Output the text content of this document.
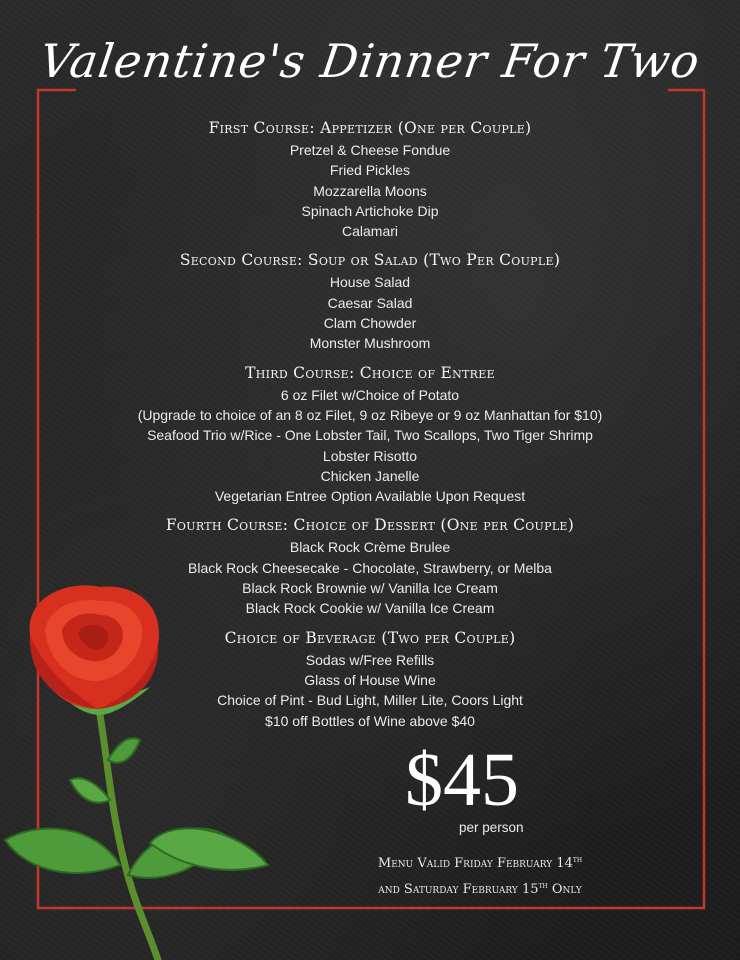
Valentine's Dinner For Two
First Course: Appetizer (One per Couple)
Pretzel & Cheese Fondue
Fried Pickles
Mozzarella Moons
Spinach Artichoke Dip
Calamari
Second Course: Soup or Salad (Two Per Couple)
House Salad
Caesar Salad
Clam Chowder
Monster Mushroom
Third Course: Choice of Entree
6 oz Filet w/Choice of Potato
(Upgrade to choice of an 8 oz Filet, 9 oz Ribeye or 9 oz Manhattan for $10)
Seafood Trio w/Rice - One Lobster Tail, Two Scallops, Two Tiger Shrimp
Lobster Risotto
Chicken Janelle
Vegetarian Entree Option Available Upon Request
Fourth Course: Choice of Dessert (One per Couple)
Black Rock Crème Brulee
Black Rock Cheesecake - Chocolate, Strawberry, or Melba
Black Rock Brownie w/ Vanilla Ice Cream
Black Rock Cookie w/ Vanilla Ice Cream
Choice of Beverage (Two per Couple)
Sodas w/Free Refills
Glass of House Wine
Choice of Pint - Bud Light, Miller Lite, Coors Light
$10 off Bottles of Wine above $40
$45
per person
Menu Valid Friday February 14th
and Saturday February 15th Only
